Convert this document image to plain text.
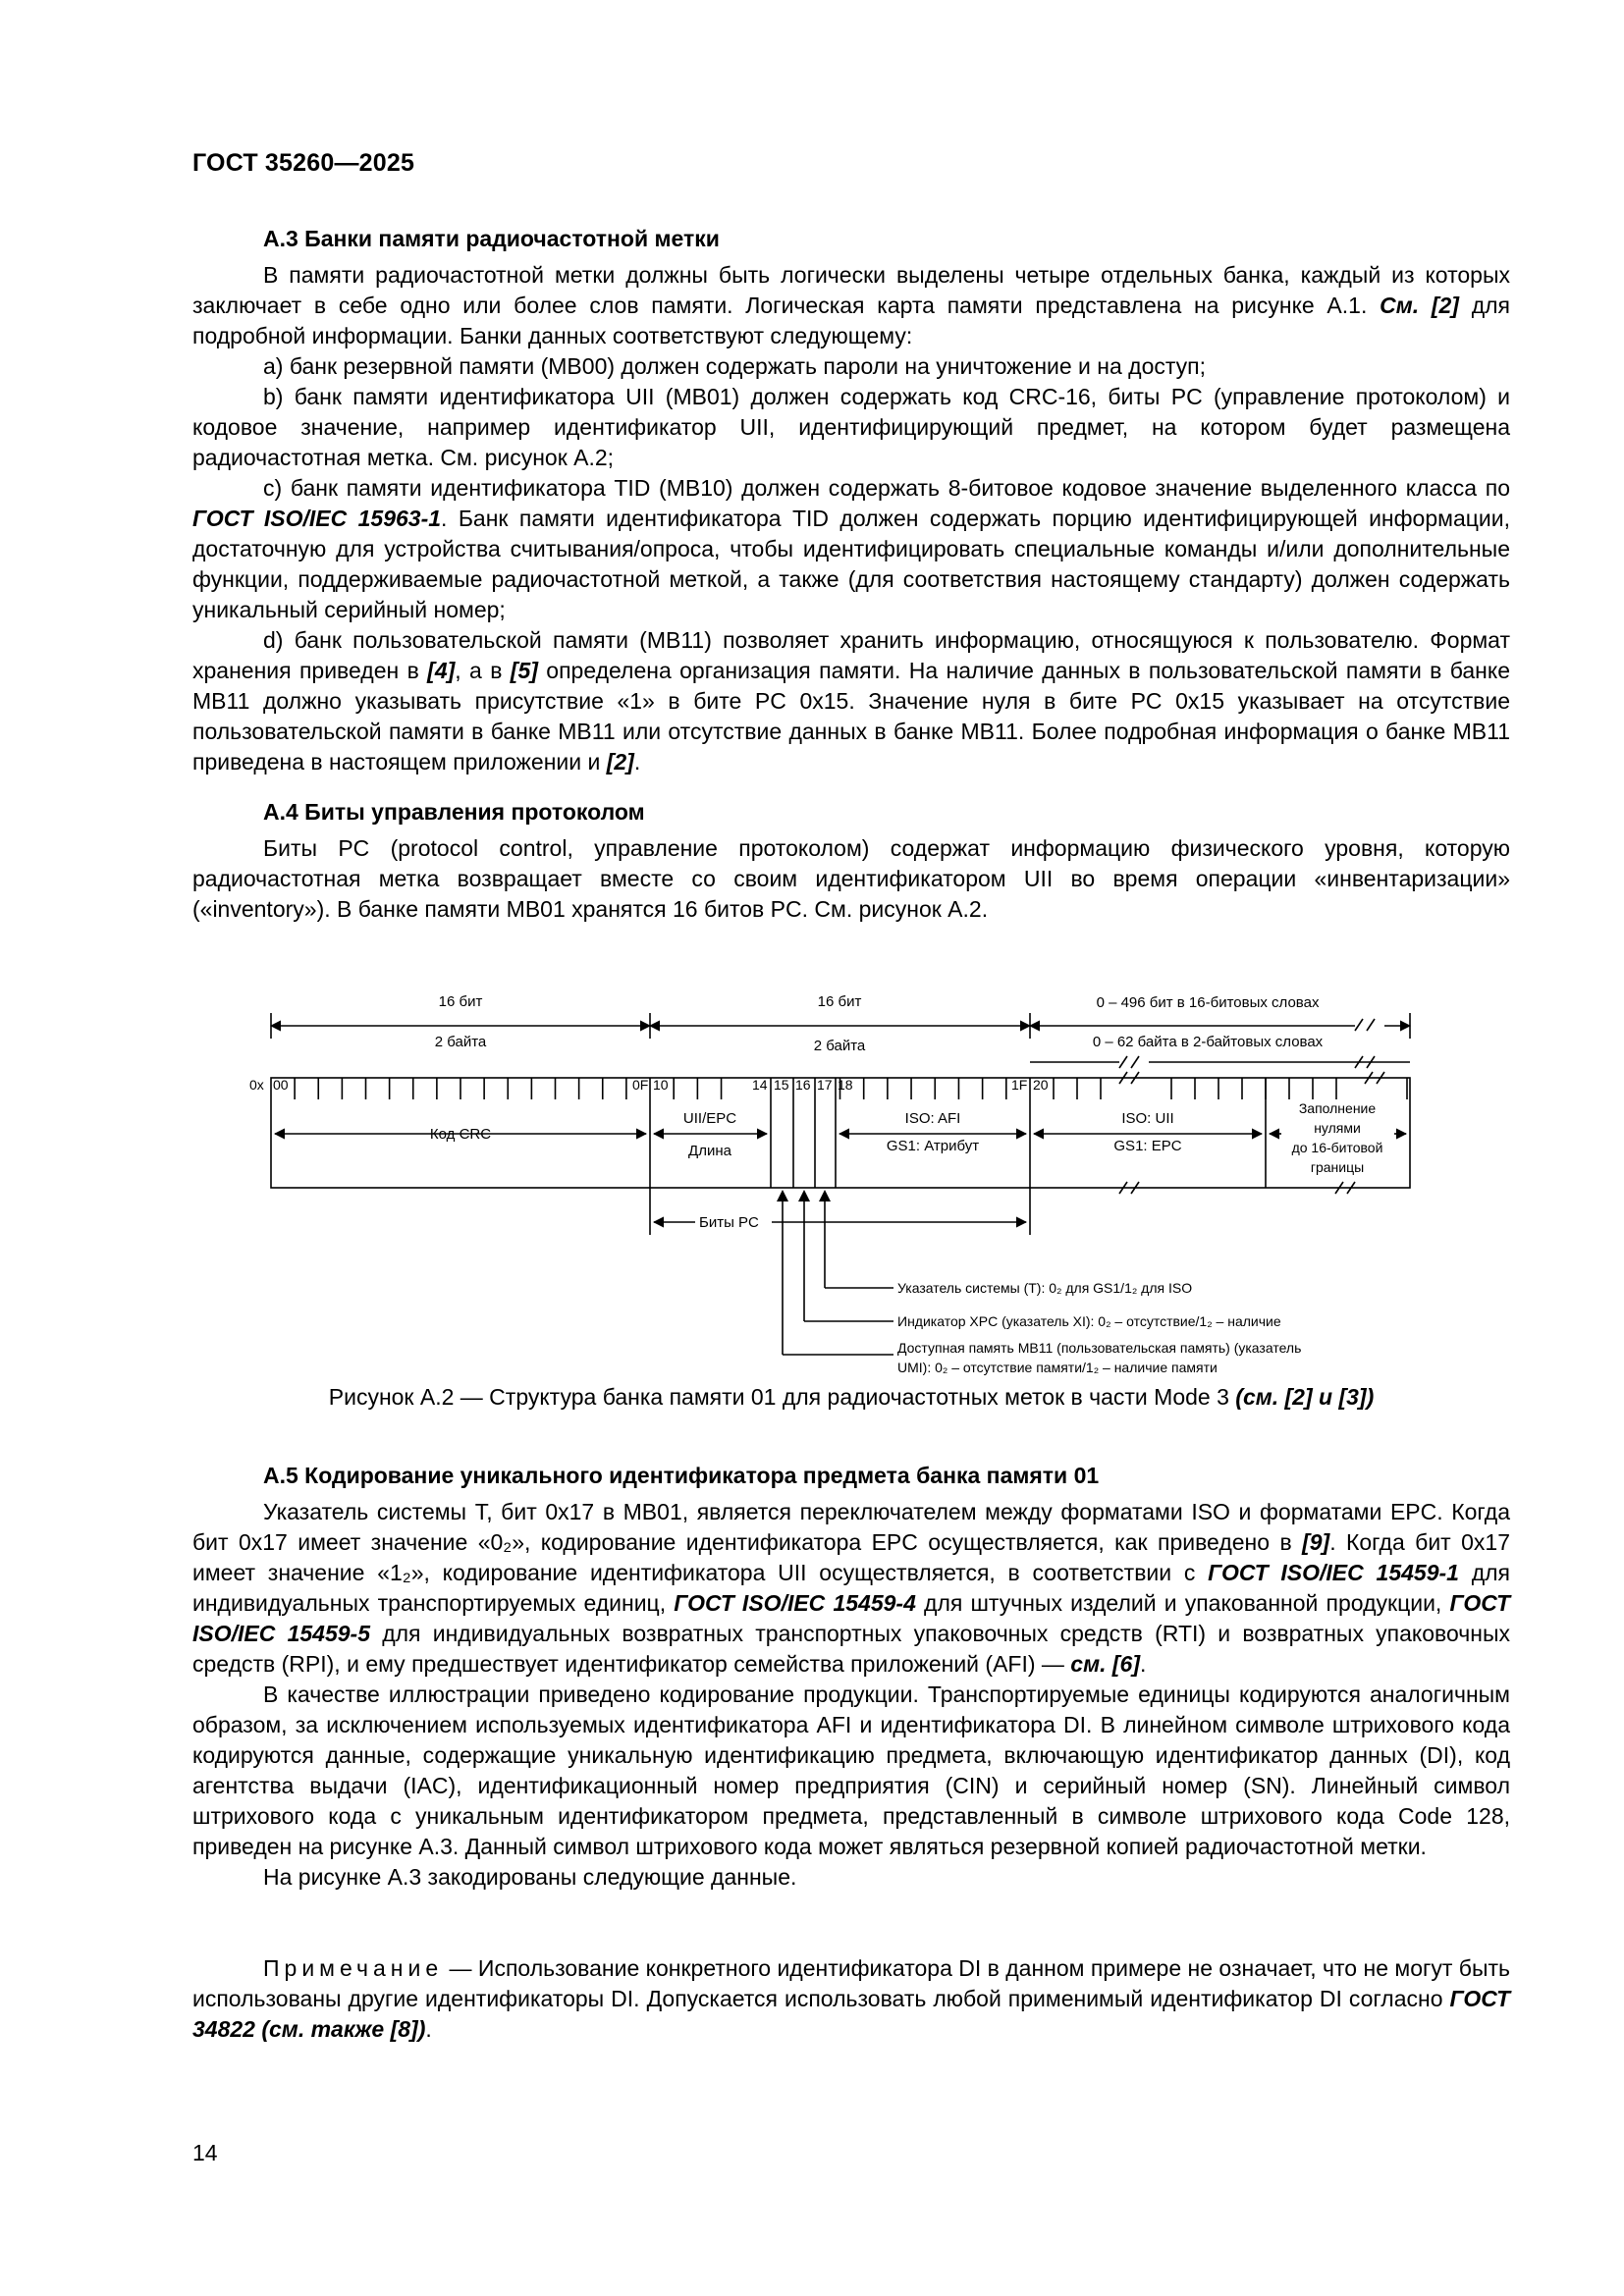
ГОСТ 35260—2025
А.3 Банки памяти радиочастотной метки

В памяти радиочастотной метки должны быть логически выделены четыре отдельных банка, каждый из которых заключает в себе одно или более слов памяти. Логическая карта памяти представлена на рисунке А.1. См. [2] для подробной информации. Банки данных соответствуют следующему:

a) банк резервной памяти (МВ00) должен содержать пароли на уничтожение и на доступ;

b) банк памяти идентификатора UII (МВ01) должен содержать код CRC-16, биты PC (управление протоколом) и кодовое значение, например идентификатор UII, идентифицирующий предмет, на котором будет размещена радиочастотная метка. См. рисунок А.2;

c) банк памяти идентификатора TID (МВ10) должен содержать 8-битовое кодовое значение выделенного класса по ГОСТ ISO/IEC 15963-1. Банк памяти идентификатора TID должен содержать порцию идентифицирующей информации, достаточную для устройства считывания/опроса, чтобы идентифицировать специальные команды и/или дополнительные функции, поддерживаемые радиочастотной меткой, а также (для соответствия настоящему стандарту) должен содержать уникальный серийный номер;

d) банк пользовательской памяти (МВ11) позволяет хранить информацию, относящуюся к пользователю. Формат хранения приведен в [4], а в [5] определена организация памяти. На наличие данных в пользовательской памяти в банке МВ11 должно указывать присутствие «1» в бите PC 0x15. Значение нуля в бите PC 0x15 указывает на отсутствие пользовательской памяти в банке МВ11 или отсутствие данных в банке МВ11. Более подробная информация о банке МВ11 приведена в настоящем приложении и [2].

А.4 Биты управления протоколом

Биты PC (protocol control, управление протоколом) содержат информацию физического уровня, которую радиочастотная метка возвращает вместе со своим идентификатором UII во время операции «инвентаризации» («inventory»). В банке памяти МВ01 хранятся 16 битов PC. См. рисунок А.2.

16 бит
2 байта
16 бит
2 байта
0 – 496 бит в 16-битовых словах
0 – 62 байта в 2-байтовых словах
0x 00	0F 10	14 15 16 17 18	1F 20
Код CRC
UII/EPC
Длина
ISO: AFI
GS1: Атрибут
ISO: UII
GS1: EPC
Заполнение
нулями
до 16-битовой
границы
Биты PC
Указатель системы (T): 0₂ для GS1/1₂ для ISO
Индикатор XPC (указатель XI): 0₂ – отсутствие/1₂ – наличие
Доступная память МВ11 (пользовательская память) (указатель
UMI): 0₂ – отсутствие памяти/1₂ – наличие памяти
Рисунок А.2 — Структура банка памяти 01 для радиочастотных меток в части Mode 3 (см. [2] и [3])
А.5 Кодирование уникального идентификатора предмета банка памяти 01

Указатель системы T, бит 0x17 в МВ01, является переключателем между форматами ISO и форматами EPC. Когда бит 0x17 имеет значение «0₂», кодирование идентификатора EPC осуществляется, как приведено в [9]. Когда бит 0x17 имеет значение «1₂», кодирование идентификатора UII осуществляется, в соответствии с ГОСТ ISO/IEC 15459-1 для индивидуальных транспортируемых единиц, ГОСТ ISO/IEC 15459-4 для штучных изделий и упакованной продукции, ГОСТ ISO/IEC 15459-5 для индивидуальных возвратных транспортных упаковочных средств (RTI) и возвратных упаковочных средств (RPI), и ему предшествует идентификатор семейства приложений (AFI) — см. [6].

В качестве иллюстрации приведено кодирование продукции. Транспортируемые единицы кодируются аналогичным образом, за исключением используемых идентификатора AFI и идентификатора DI. В линейном символе штрихового кода кодируются данные, содержащие уникальную идентификацию предмета, включающую идентификатор данных (DI), код агентства выдачи (IAC), идентификационный номер предприятия (CIN) и серийный номер (SN). Линейный символ штрихового кода с уникальным идентификатором предмета, представленный в символе штрихового кода Code 128, приведен на рисунке А.3. Данный символ штрихового кода может являться резервной копией радиочастотной метки.

На рисунке А.3 закодированы следующие данные.

Примечание — Использование конкретного идентификатора DI в данном примере не означает, что не могут быть использованы другие идентификаторы DI. Допускается использовать любой применимый идентификатор DI согласно ГОСТ 34822 (см. также [8]).

14
